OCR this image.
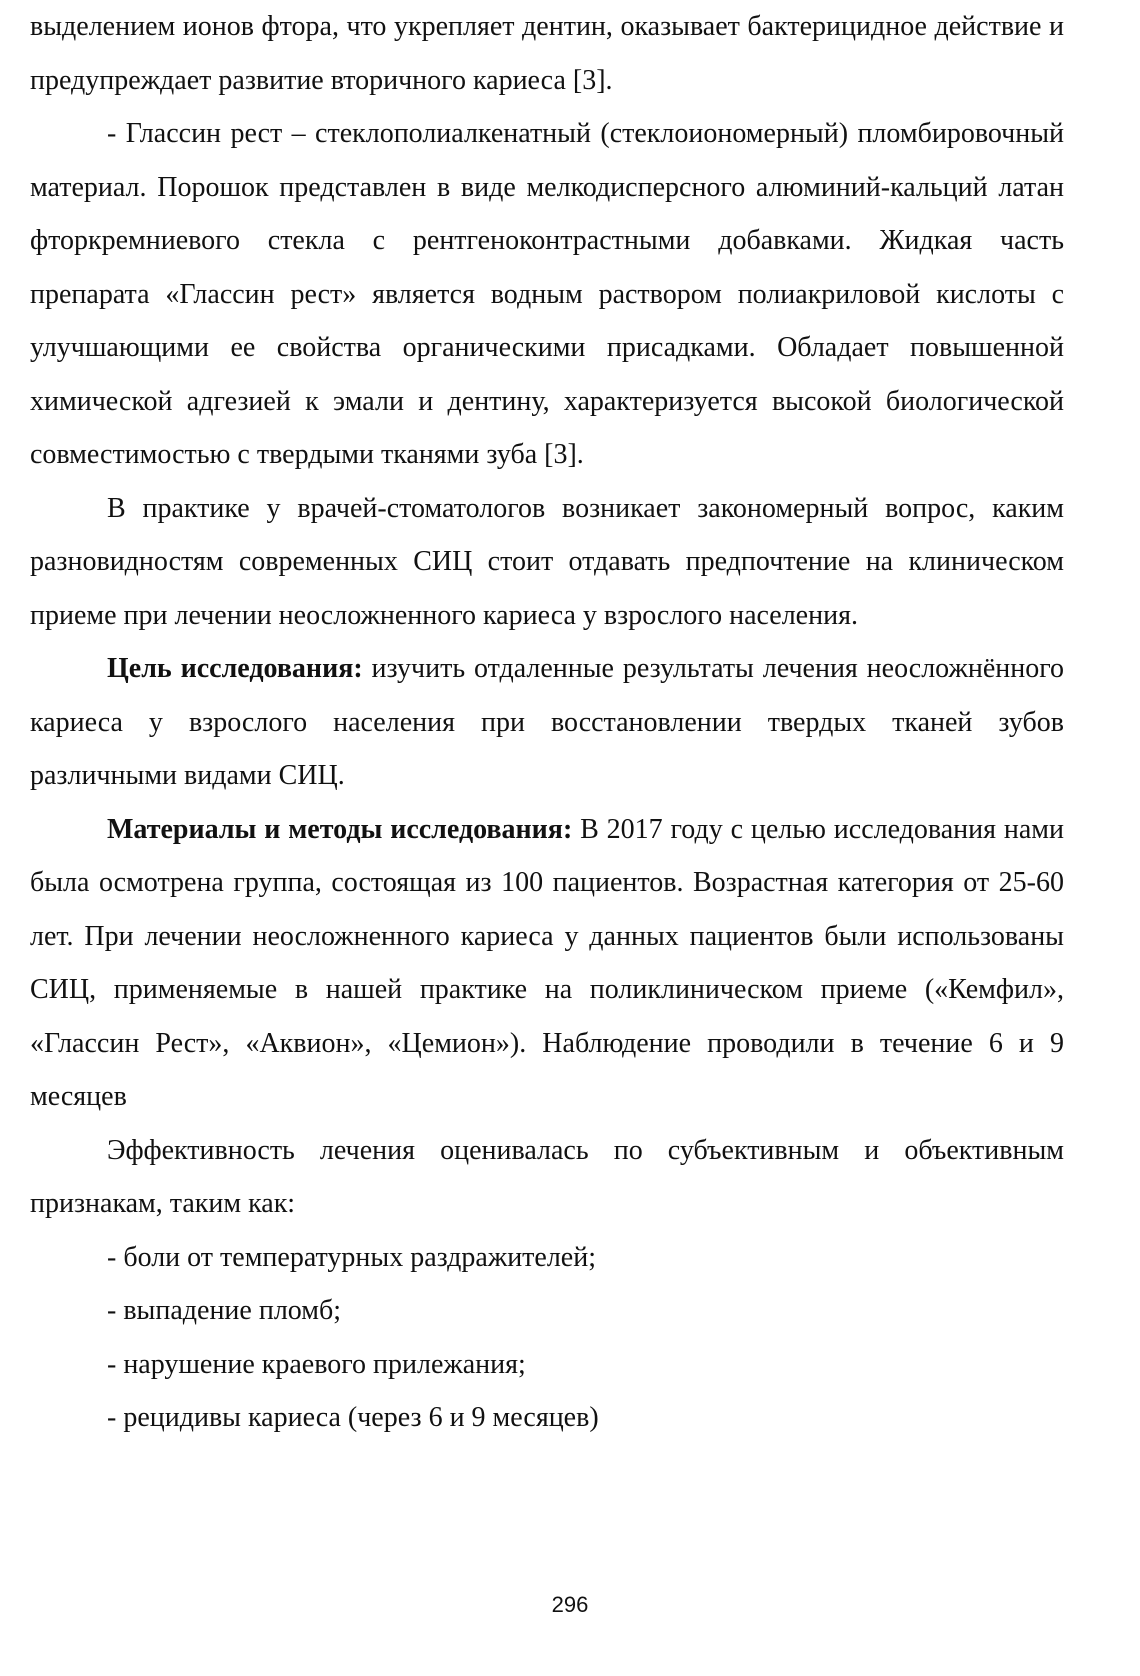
выделением ионов фтора, что укрепляет дентин, оказывает бактерицидное действие и предупреждает развитие вторичного кариеса [3].

- Глассин рест – стеклополиалкенатный (стеклоиономерный) пломбировочный материал. Порошок представлен в виде мелкодисперсного алюминий-кальций латан фторкремниевого стекла с рентгеноконтрастными добавками. Жидкая часть препарата «Глассин рест» является водным раствором полиакриловой кислоты с улучшающими ее свойства органическими присадками. Обладает повышенной химической адгезией к эмали и дентину, характеризуется высокой биологической совместимостью с твердыми тканями зуба [3].

В практике у врачей-стоматологов возникает закономерный вопрос, каким разновидностям современных СИЦ стоит отдавать предпочтение на клиническом приеме при лечении неосложненного кариеса у взрослого населения.

Цель исследования: изучить отдаленные результаты лечения неосложнённого кариеса у взрослого населения при восстановлении твердых тканей зубов различными видами СИЦ.

Материалы и методы исследования: В 2017 году с целью исследования нами была осмотрена группа, состоящая из 100 пациентов. Возрастная категория от 25-60 лет. При лечении неосложненного кариеса у данных пациентов были использованы СИЦ, применяемые в нашей практике на поликлиническом приеме («Кемфил», «Глассин Рест», «Аквион», «Цемион»). Наблюдение проводили в течение 6 и 9 месяцев

Эффективность лечения оценивалась по субъективным и объективным признакам, таким как:

- боли от температурных раздражителей;

- выпадение пломб;

- нарушение краевого прилежания;

- рецидивы кариеса (через 6 и 9 месяцев)

296
